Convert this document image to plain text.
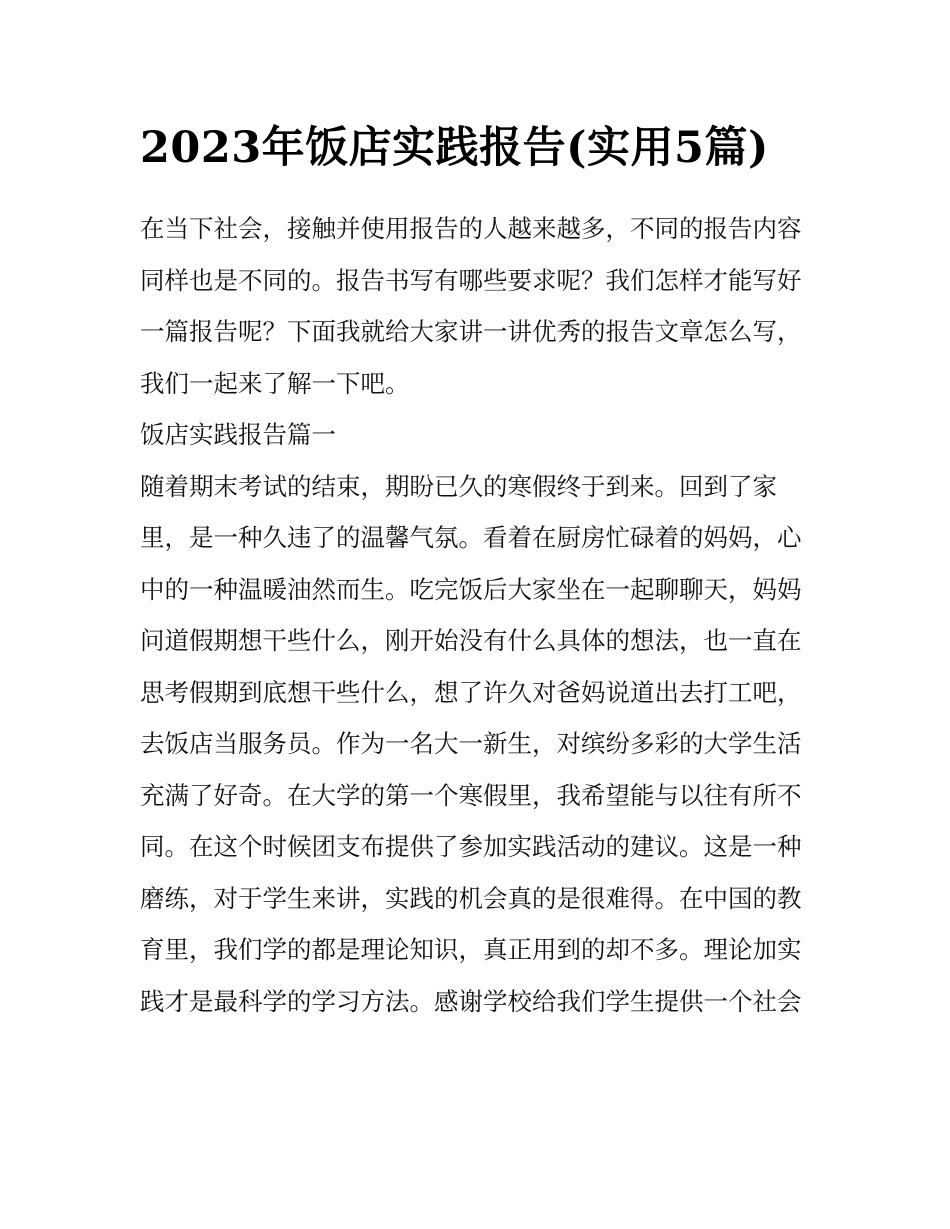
2023年饭店实践报告(实用5篇)

在当下社会，接触并使用报告的人越来越多，不同的报告内容同样也是不同的。报告书写有哪些要求呢？我们怎样才能写好一篇报告呢？下面我就给大家讲一讲优秀的报告文章怎么写，我们一起来了解一下吧。

饭店实践报告篇一

随着期末考试的结束，期盼已久的寒假终于到来。回到了家里，是一种久违了的温馨气氛。看着在厨房忙碌着的妈妈，心中的一种温暖油然而生。吃完饭后大家坐在一起聊聊天，妈妈问道假期想干些什么，刚开始没有什么具体的想法，也一直在思考假期到底想干些什么，想了许久对爸妈说道出去打工吧，去饭店当服务员。作为一名大一新生，对缤纷多彩的大学生活充满了好奇。在大学的第一个寒假里，我希望能与以往有所不同。在这个时候团支布提供了参加实践活动的建议。这是一种磨练，对于学生来讲，实践的机会真的是很难得。在中国的教育里，我们学的都是理论知识，真正用到的却不多。理论加实践才是最科学的学习方法。感谢学校给我们学生提供一个社会
